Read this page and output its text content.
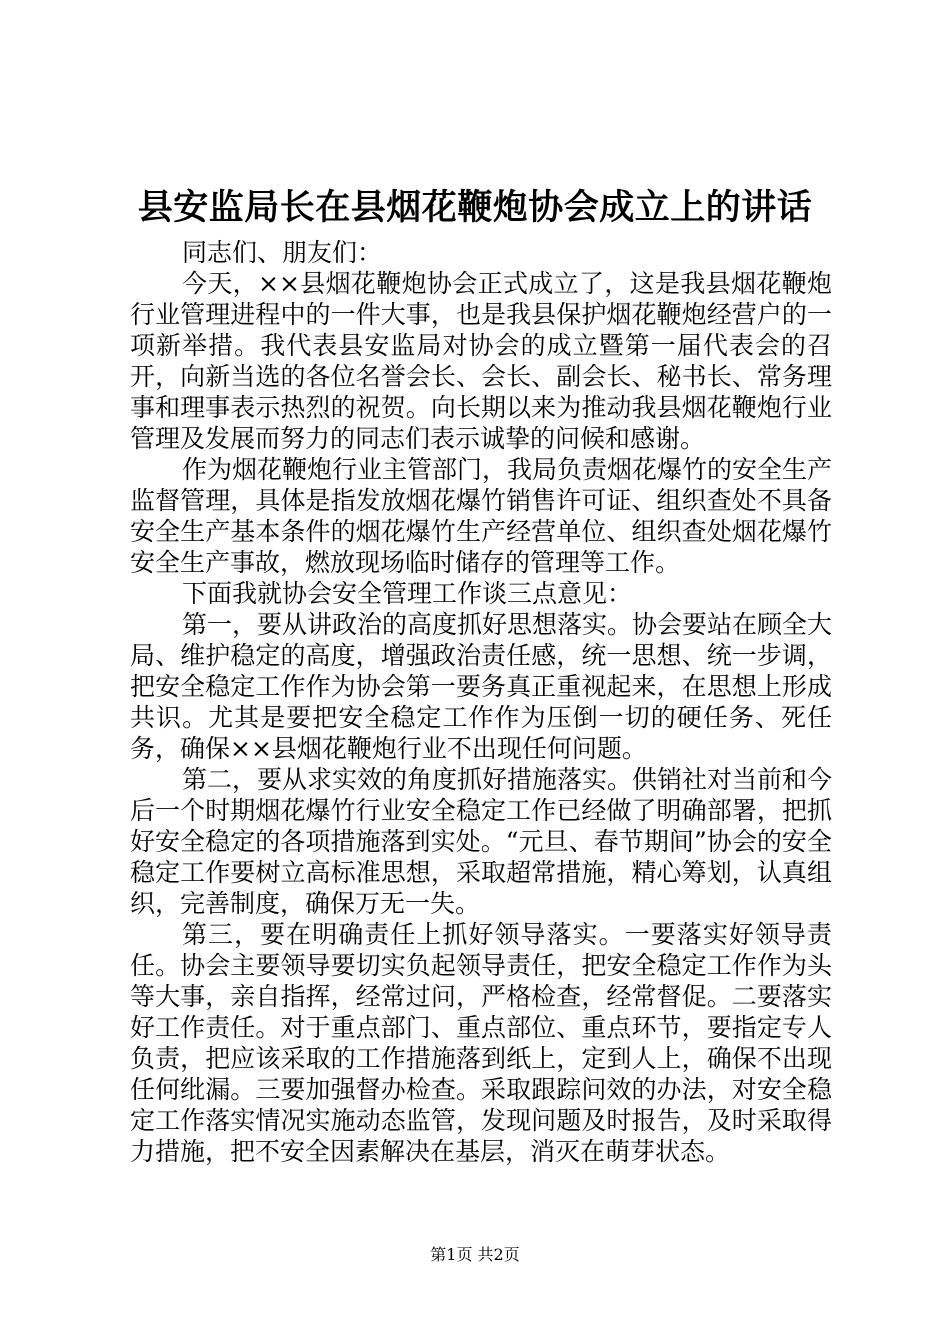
县安监局长在县烟花鞭炮协会成立上的讲话

同志们、朋友们：

今天，××县烟花鞭炮协会正式成立了，这是我县烟花鞭炮行业管理进程中的一件大事，也是我县保护烟花鞭炮经营户的一项新举措。我代表县安监局对协会的成立暨第一届代表会的召开，向新当选的各位名誉会长、会长、副会长、秘书长、常务理事和理事表示热烈的祝贺。向长期以来为推动我县烟花鞭炮行业管理及发展而努力的同志们表示诚挚的问候和感谢。

作为烟花鞭炮行业主管部门，我局负责烟花爆竹的安全生产监督管理，具体是指发放烟花爆竹销售许可证、组织查处不具备安全生产基本条件的烟花爆竹生产经营单位、组织查处烟花爆竹安全生产事故，燃放现场临时储存的管理等工作。

下面我就协会安全管理工作谈三点意见：

第一，要从讲政治的高度抓好思想落实。协会要站在顾全大局、维护稳定的高度，增强政治责任感，统一思想、统一步调，把安全稳定工作作为协会第一要务真正重视起来，在思想上形成共识。尤其是要把安全稳定工作作为压倒一切的硬任务、死任务，确保××县烟花鞭炮行业不出现任何问题。

第二，要从求实效的角度抓好措施落实。供销社对当前和今后一个时期烟花爆竹行业安全稳定工作已经做了明确部署，把抓好安全稳定的各项措施落到实处。“元旦、春节期间”协会的安全稳定工作要树立高标准思想，采取超常措施，精心筹划，认真组织，完善制度，确保万无一失。

第三，要在明确责任上抓好领导落实。一要落实好领导责任。协会主要领导要切实负起领导责任，把安全稳定工作作为头等大事，亲自指挥，经常过问，严格检查，经常督促。二要落实好工作责任。对于重点部门、重点部位、重点环节，要指定专人负责，把应该采取的工作措施落到纸上，定到人上，确保不出现任何纰漏。三要加强督办检查。采取跟踪问效的办法，对安全稳定工作落实情况实施动态监管，发现问题及时报告，及时采取得力措施，把不安全因素解决在基层，消灭在萌芽状态。

第1页 共2页
